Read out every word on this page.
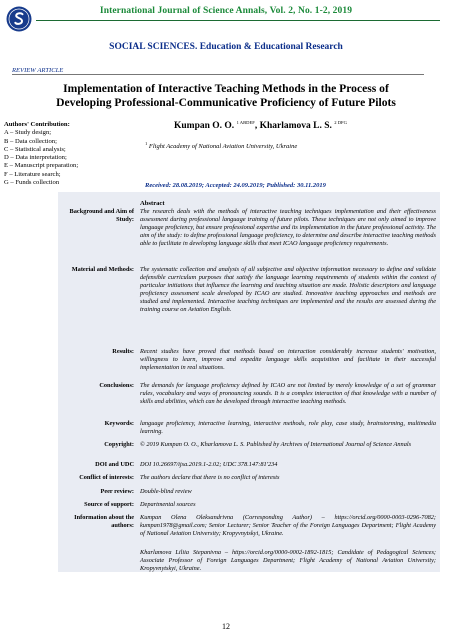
International Journal of Science Annals, Vol. 2, No. 1-2, 2019
SOCIAL SCIENCES. Education & Educational Research
REVIEW ARTICLE
Implementation of Interactive Teaching Methods in the Process of
Developing Professional-Communicative Proficiency of Future Pilots
Authors' Contribution:
A – Study design;
B – Data collection;
C – Statistical analysis;
D – Data interpretation;
E – Manuscript preparation;
F – Literature search;
G – Funds collection
Kumpan O. O. $^{1 ABDEF}$, Kharlamova L. S. $^{2 DFG}$
$^1$ Flight Academy of National Aviation University, Ukraine
Received: 28.08.2019; Accepted: 24.09.2019; Published: 30.11.2019
Abstract
Background and Aim of Study:
The research deals with the methods of interactive teaching techniques implementation and their effectiveness assessment during professional language training of future pilots. These techniques are not only aimed to improve language proficiency, but ensure professional expertise and its implementation in the future professional activity. The aim of the study: to define professional language proficiency, to determine and describe interactive teaching methods able to facilitate in developing language skills that meet ICAO language proficiency requirements.
Material and Methods: The systematic collection and analysis of all subjective and objective information necessary to define and validate defensible curriculum purposes that satisfy the language learning requirements of students within the context of particular initiations that influence the learning and teaching situation are made. Holistic descriptors and language proficiency assessment scale developed by ICAO are studied. Innovative teaching approaches and methods are studied and implemented. Interactive teaching techniques are implemented and the results are assessed during the training course on Aviation English.
Results: Recent studies have proved that methods based on interaction considerably increase students' motivation, willingness to learn, improve and expedite language skills acquisition and facilitate in their successful implementation in real situations.
Conclusions: The demands for language proficiency defined by ICAO are not limited by merely knowledge of a set of grammar rules, vocabulary and ways of pronouncing sounds. It is a complex interaction of that knowledge with a number of skills and abilities, which can be developed through interactive teaching methods.
Keywords: language proficiency, interactive learning, interactive methods, role play, case study, brainstorming, multimedia learning.
Copyright: © 2019 Kumpan O. O., Kharlamova L. S. Published by Archives of International Journal of Science Annals
DOI and UDC DOI 10.26697/ijsa.2019.1-2.02; UDC 378.147:81'234
Conflict of interests: The authors declare that there is no conflict of interests
Peer review: Double-blind review
Source of support: Departmental sources
Information about the authors:
Kumpan Olena Oleksandrivna (Corresponding Author) – https://orcid.org/0000-0003-0296-7082; kumpan1978@gmail.com; Senior Lecturer; Senior Teacher of the Foreign Languages Department; Flight Academy of National Aviation University; Kropyvnytskyi, Ukraine.
Kharlamova Liliia Stepanivna – https://orcid.org/0000-0002-1892-1815; Candidate of Pedagogical Sciences; Associate Professor of Foreign Languages Department; Flight Academy of National Aviation University; Kropyvnytskyi, Ukraine.
12
